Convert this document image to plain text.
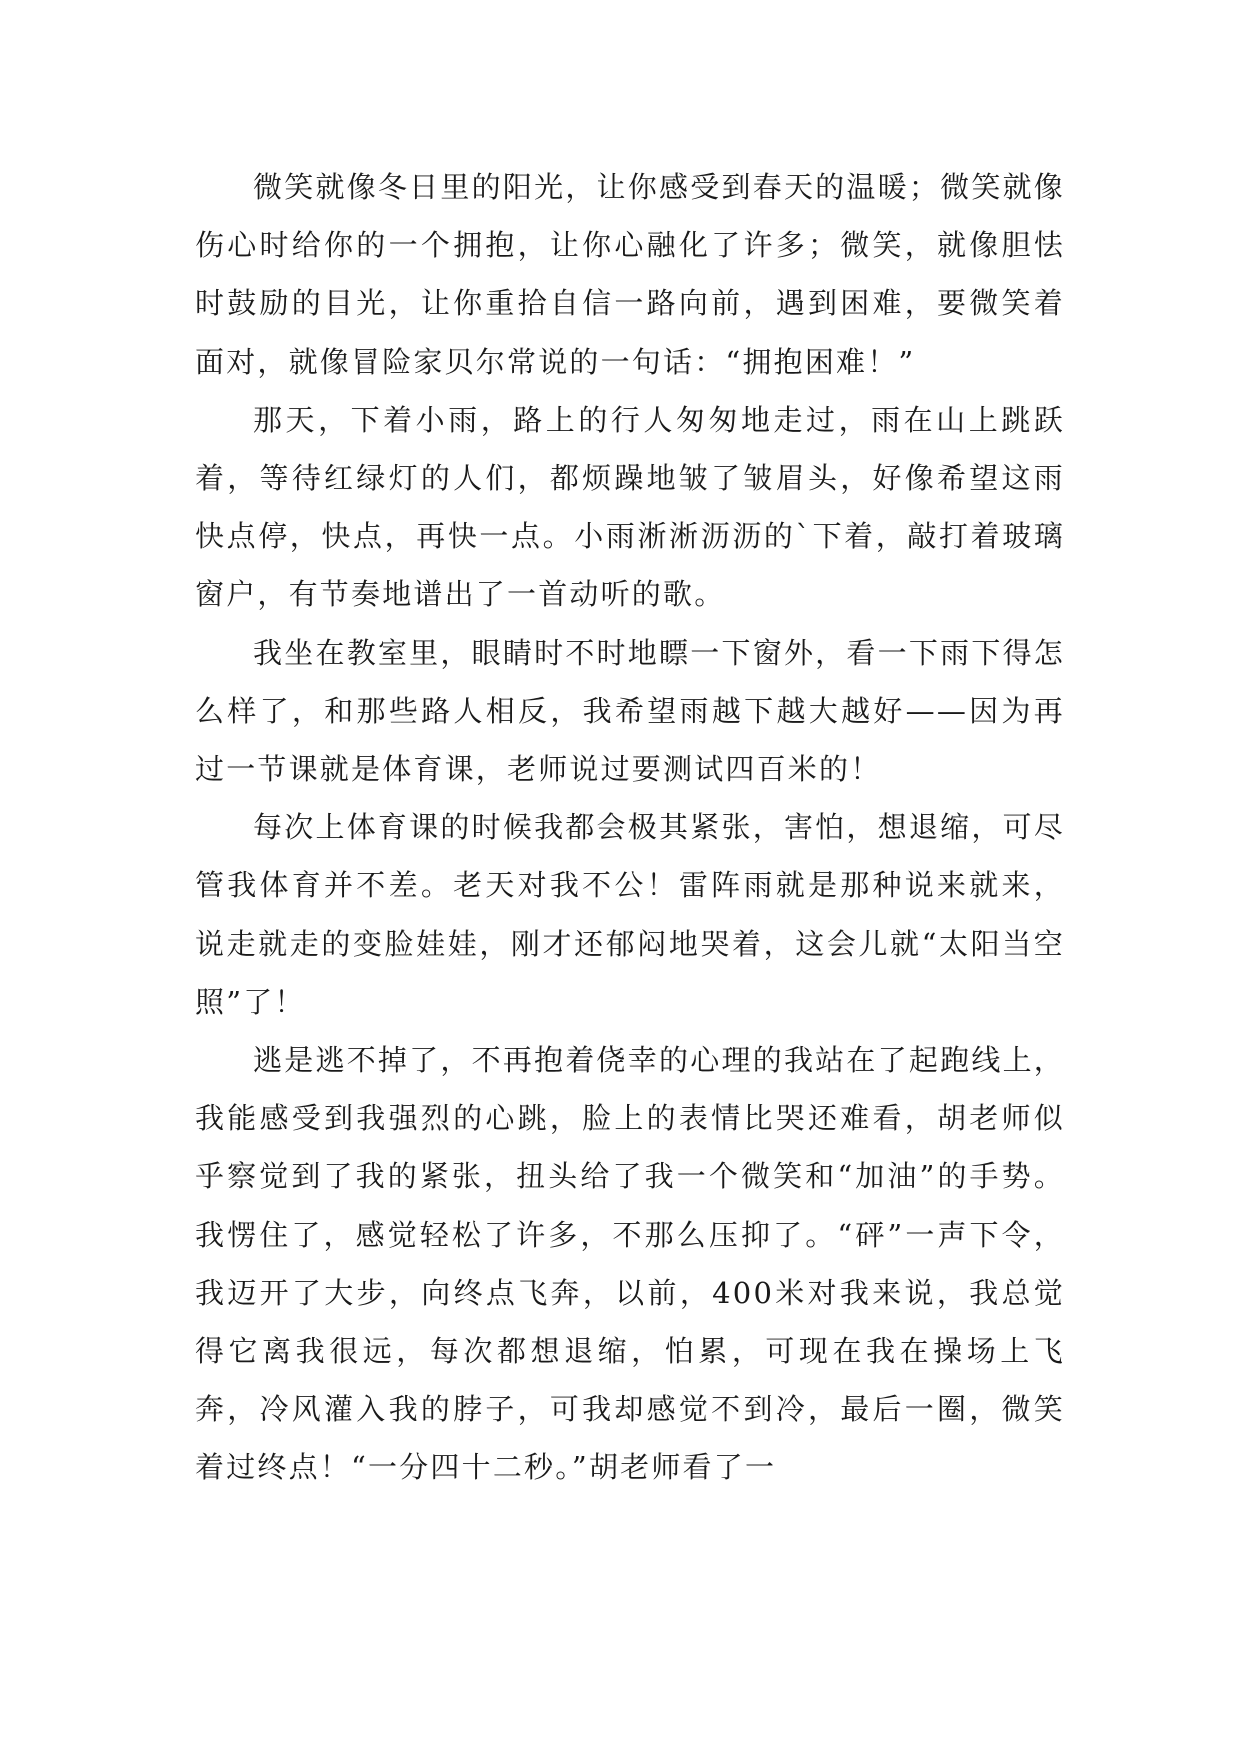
微笑就像冬日里的阳光，让你感受到春天的温暖；微笑就像伤心时给你的一个拥抱，让你心融化了许多；微笑，就像胆怯时鼓励的目光，让你重拾自信一路向前，遇到困难，要微笑着面对，就像冒险家贝尔常说的一句话：“拥抱困难！”

那天，下着小雨，路上的行人匆匆地走过，雨在山上跳跃着，等待红绿灯的人们，都烦躁地皱了皱眉头，好像希望这雨快点停，快点，再快一点。小雨淅淅沥沥的`下着，敲打着玻璃窗户，有节奏地谱出了一首动听的歌。

我坐在教室里，眼睛时不时地瞟一下窗外，看一下雨下得怎么样了，和那些路人相反，我希望雨越下越大越好——因为再过一节课就是体育课，老师说过要测试四百米的！

每次上体育课的时候我都会极其紧张，害怕，想退缩，可尽管我体育并不差。老天对我不公！雷阵雨就是那种说来就来，说走就走的变脸娃娃，刚才还郁闷地哭着，这会儿就“太阳当空照”了！

逃是逃不掉了，不再抱着侥幸的心理的我站在了起跑线上，我能感受到我强烈的心跳，脸上的表情比哭还难看，胡老师似乎察觉到了我的紧张，扭头给了我一个微笑和“加油”的手势。我愣住了，感觉轻松了许多，不那么压抑了。“砰”一声下令，我迈开了大步，向终点飞奔，以前，400米对我来说，我总觉得它离我很远，每次都想退缩，怕累，可现在我在操场上飞奔，冷风灌入我的脖子，可我却感觉不到冷，最后一圈，微笑着过终点！“一分四十二秒。”胡老师看了一
